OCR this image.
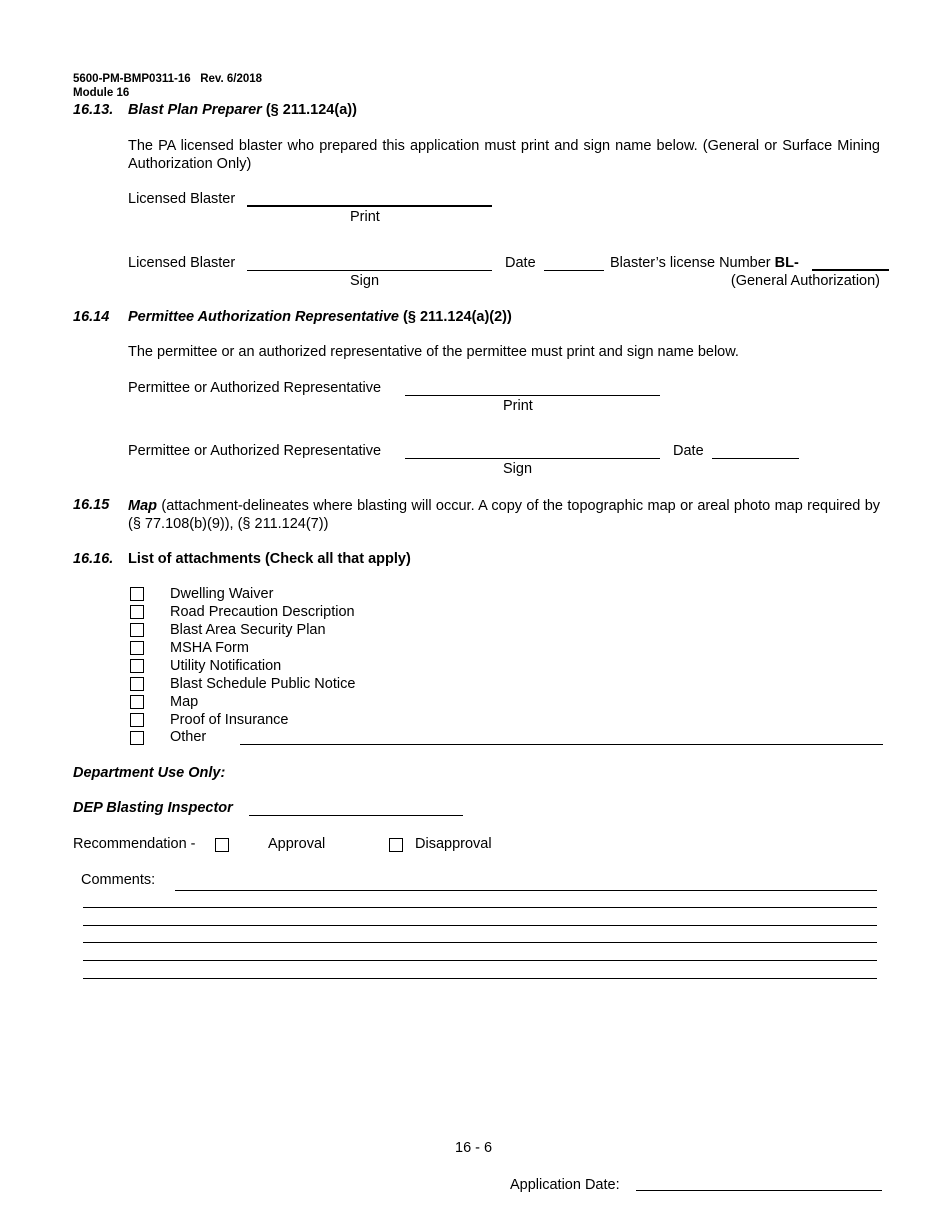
5600-PM-BMP0311-16 Rev. 6/2018
Module 16
16.13. Blast Plan Preparer (§ 211.124(a))
The PA licensed blaster who prepared this application must print and sign name below. (General or Surface Mining Authorization Only)
Licensed Blaster
Print
Licensed Blaster
Sign
Date	Blaster’s license Number BL-
(General Authorization)
16.14 Permittee Authorization Representative (§ 211.124(a)(2))
The permittee or an authorized representative of the permittee must print and sign name below.
Permittee or Authorized Representative
Print
Permittee or Authorized Representative
Sign
Date
16.15 Map (attachment-delineates where blasting will occur. A copy of the topographic map or areal photo map required by (§ 77.108(b)(9)), (§ 211.124(7))
16.16. List of attachments (Check all that apply)
Dwelling Waiver
Road Precaution Description
Blast Area Security Plan
MSHA Form
Utility Notification
Blast Schedule Public Notice
Map
Proof of Insurance
Other
Department Use Only:
DEP Blasting Inspector
Recommendation -	Approval	Disapproval
Comments:
16 - 6
Application Date:
